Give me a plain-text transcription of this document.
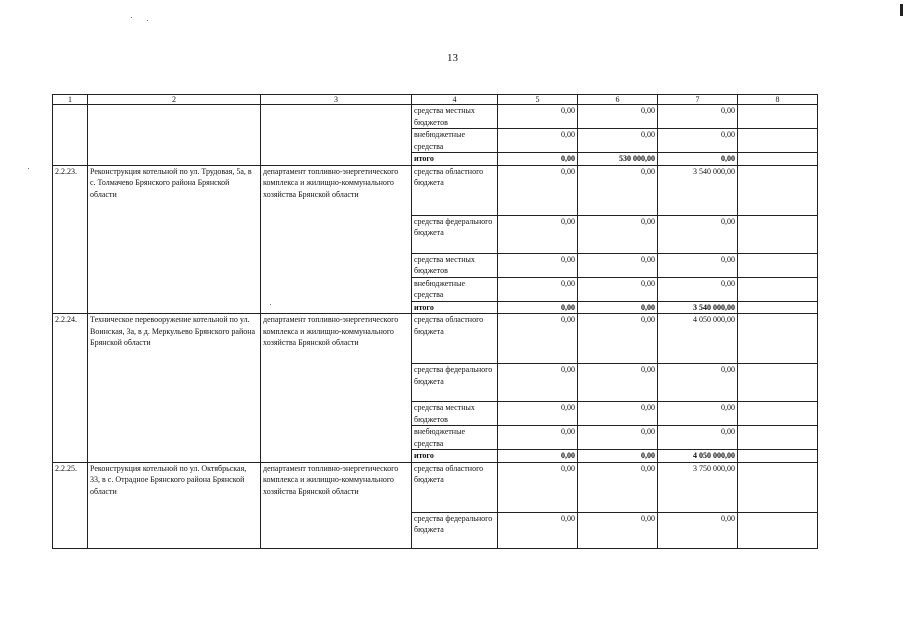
13
1	2	3	4	5	6	7	8
			средства местных бюджетов	0,00	0,00	0,00	
			внебюджетные средства	0,00	0,00	0,00	
			итого	0,00	530 000,00	0,00	
2.2.23.	Реконструкция котельной по ул. Трудовая, 5а, в с. Толмачево Брянского района Брянской области	департамент топливно-энергетического комплекса и жилищно-коммунального хозяйства Брянской области	средства областного бюджета	0,00	0,00	3 540 000,00	
			средства федерального бюджета	0,00	0,00	0,00	
			средства местных бюджетов	0,00	0,00	0,00	
			внебюджетные средства	0,00	0,00	0,00	
			итого	0,00	0,00	3 540 000,00	
2.2.24.	Техническое перевооружение котельной по ул. Воинская, 3а, в д. Меркульево Брянского района Брянской области	департамент топливно-энергетического комплекса и жилищно-коммунального хозяйства Брянской области	средства областного бюджета	0,00	0,00	4 050 000,00	
			средства федерального бюджета	0,00	0,00	0,00	
			средства местных бюджетов	0,00	0,00	0,00	
			внебюджетные средства	0,00	0,00	0,00	
			итого	0,00	0,00	4 050 000,00	
2.2.25.	Реконструкция котельной по ул. Октябрьская, 33, в с. Отрадное Брянского района Брянской области	департамент топливно-энергетического комплекса и жилищно-коммунального хозяйства Брянской области	средства областного бюджета	0,00	0,00	3 750 000,00	
			средства федерального бюджета	0,00	0,00	0,00	
